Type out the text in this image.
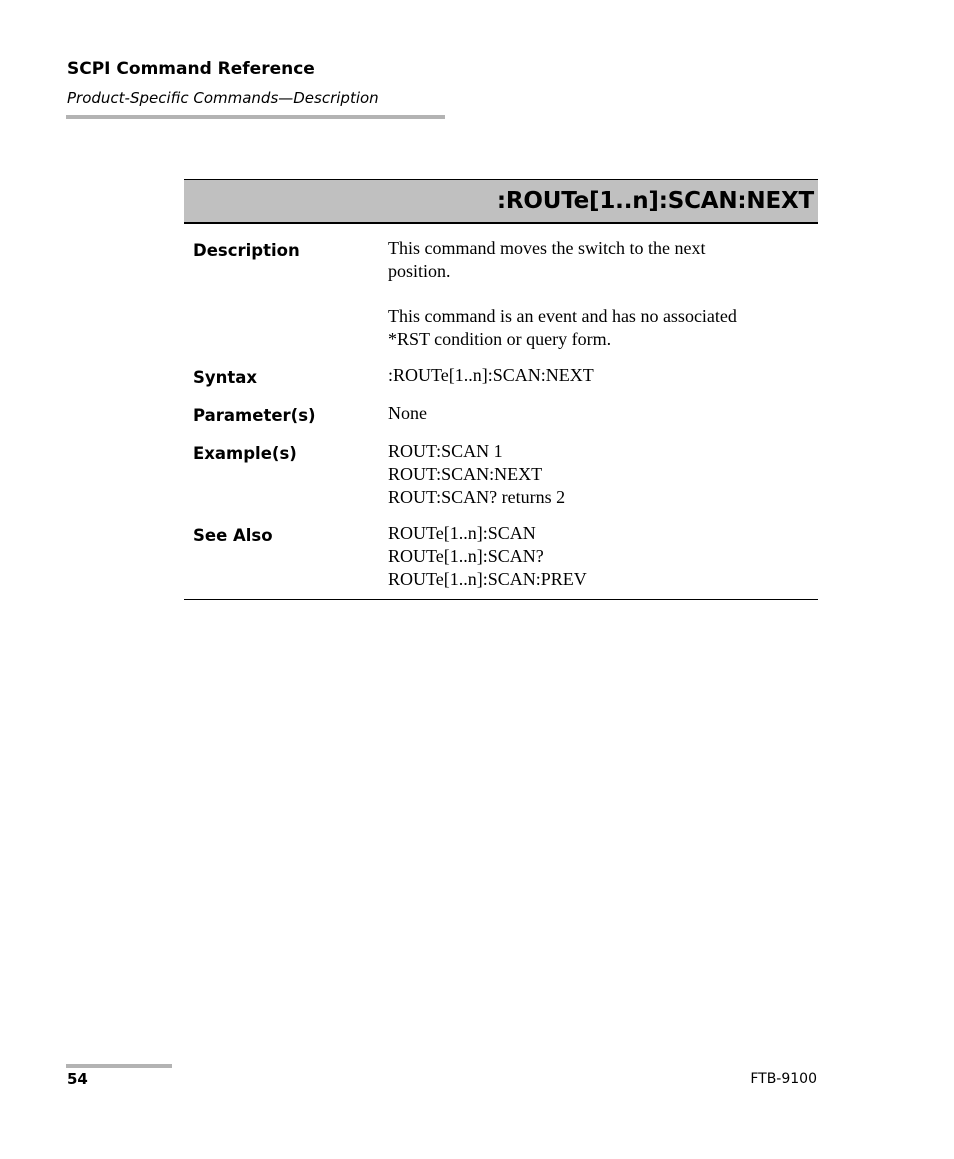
SCPI Command Reference
Product-Specific Commands—Description
:ROUTe[1..n]:SCAN:NEXT

Description	This command moves the switch to the next
position.
This command is an event and has no associated
*RST condition or query form.

Syntax	:ROUTe[1..n]:SCAN:NEXT

Parameter(s)	None

Example(s)	ROUT:SCAN 1
ROUT:SCAN:NEXT
ROUT:SCAN? returns 2

See Also	ROUTe[1..n]:SCAN
ROUTe[1..n]:SCAN?
ROUTe[1..n]:SCAN:PREV
54	FTB-9100
